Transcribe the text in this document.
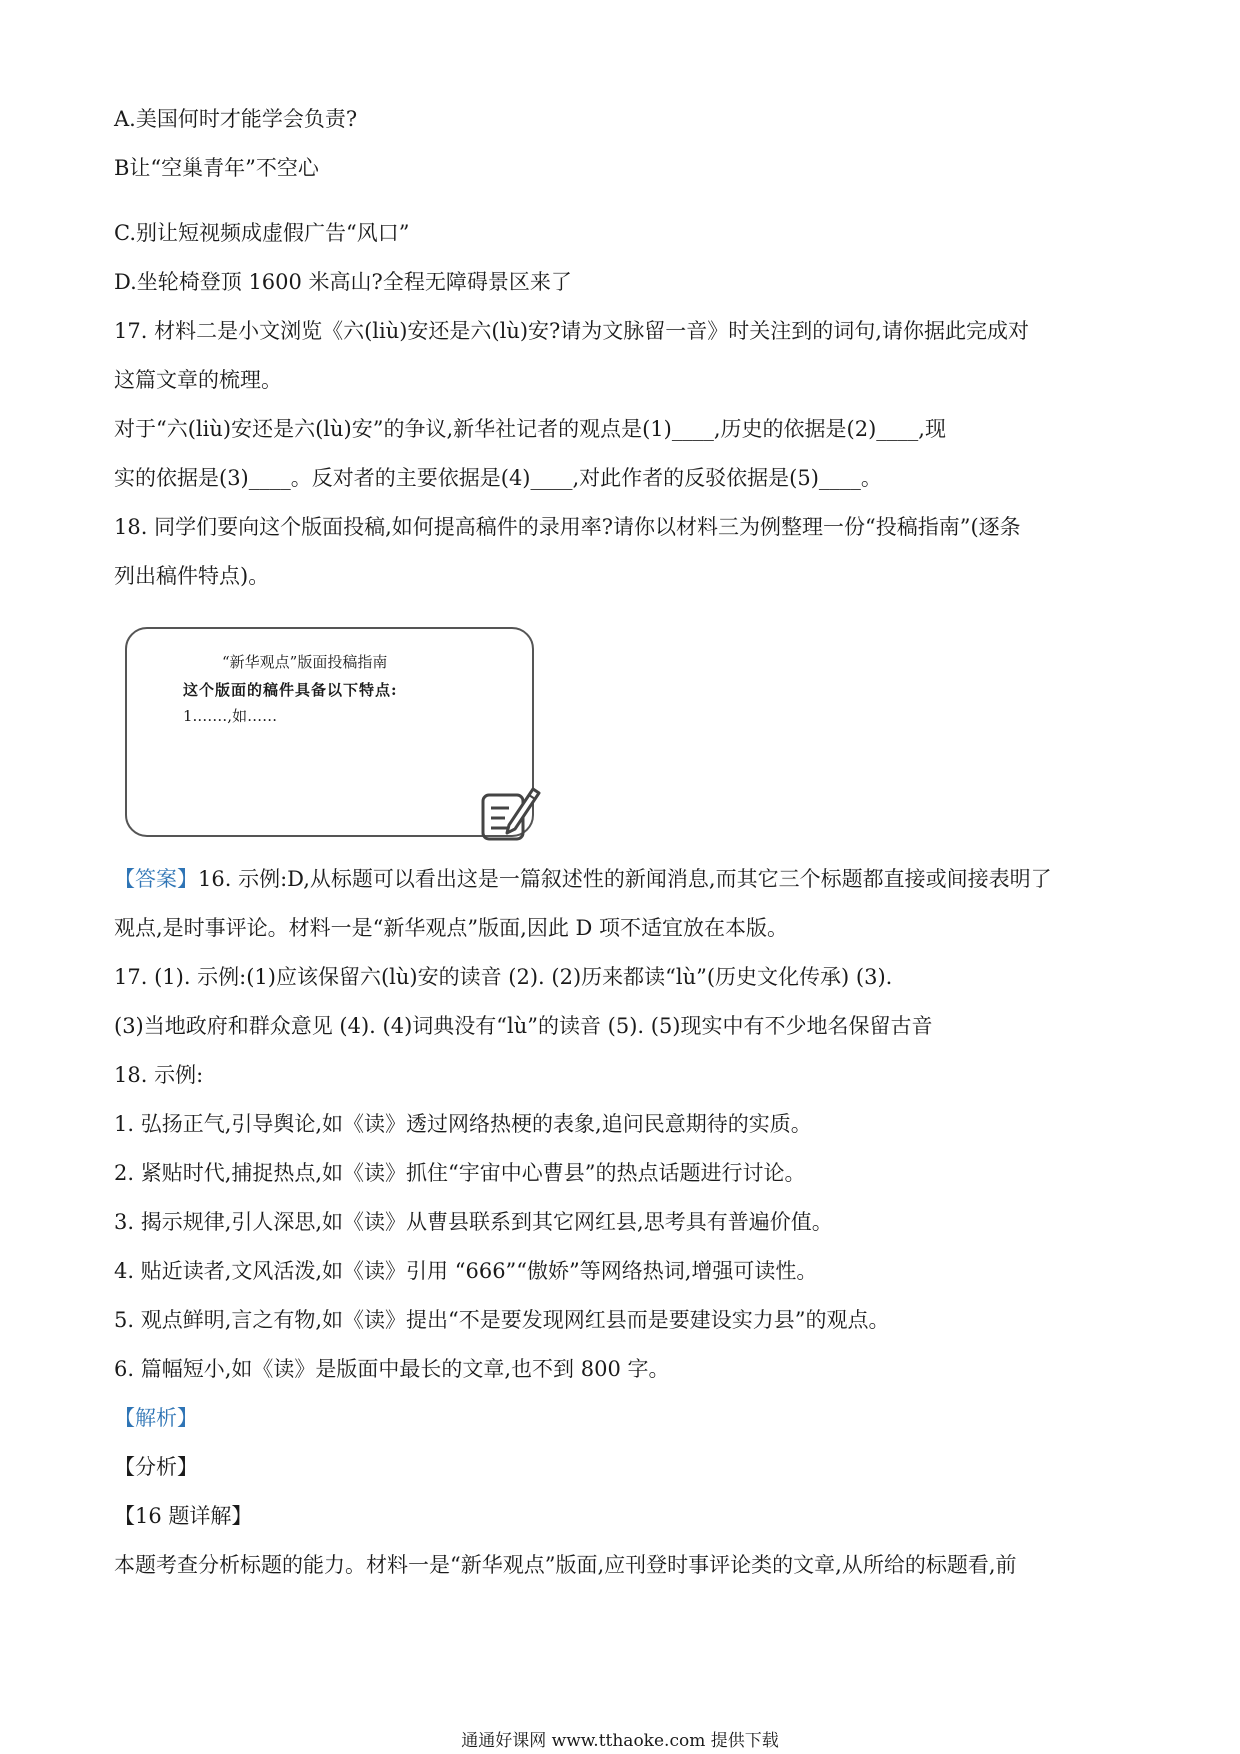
A.美国何时才能学会负责?
B让“空巢青年”不空心
C.别让短视频成虚假广告“风口”
D.坐轮椅登顶 1600 米高山?全程无障碍景区来了
17. 材料二是小文浏览《六(liù)安还是六(lù)安?请为文脉留一音》时关注到的词句,请你据此完成对
这篇文章的梳理。
对于“六(liù)安还是六(lù)安”的争议,新华社记者的观点是(1)____,历史的依据是(2)____,现
实的依据是(3)____。反对者的主要依据是(4)____,对此作者的反驳依据是(5)____。
18. 同学们要向这个版面投稿,如何提高稿件的录用率?请你以材料三为例整理一份“投稿指南”(逐条
列出稿件特点)。
“新华观点”版面投稿指南
这个版面的稿件具备以下特点:
1.……,如……
【答案】16. 示例:D,从标题可以看出这是一篇叙述性的新闻消息,而其它三个标题都直接或间接表明了
观点,是时事评论。材料一是“新华观点”版面,因此 D 项不适宜放在本版。
17. (1). 示例:(1)应该保留六(lù)安的读音 (2). (2)历来都读“lù”(历史文化传承) (3).
(3)当地政府和群众意见 (4). (4)词典没有“lù”的读音 (5). (5)现实中有不少地名保留古音
18. 示例:
1. 弘扬正气,引导舆论,如《读》透过网络热梗的表象,追问民意期待的实质。
2. 紧贴时代,捕捉热点,如《读》抓住“宇宙中心曹县”的热点话题进行讨论。
3. 揭示规律,引人深思,如《读》从曹县联系到其它网红县,思考具有普遍价值。
4. 贴近读者,文风活泼,如《读》引用 “666”“傲娇”等网络热词,增强可读性。
5. 观点鲜明,言之有物,如《读》提出“不是要发现网红县而是要建设实力县”的观点。
6. 篇幅短小,如《读》是版面中最长的文章,也不到 800 字。
【解析】
【分析】
【16 题详解】
本题考查分析标题的能力。材料一是“新华观点”版面,应刊登时事评论类的文章,从所给的标题看,前
通通好课网 www.tthaoke.com 提供下载
